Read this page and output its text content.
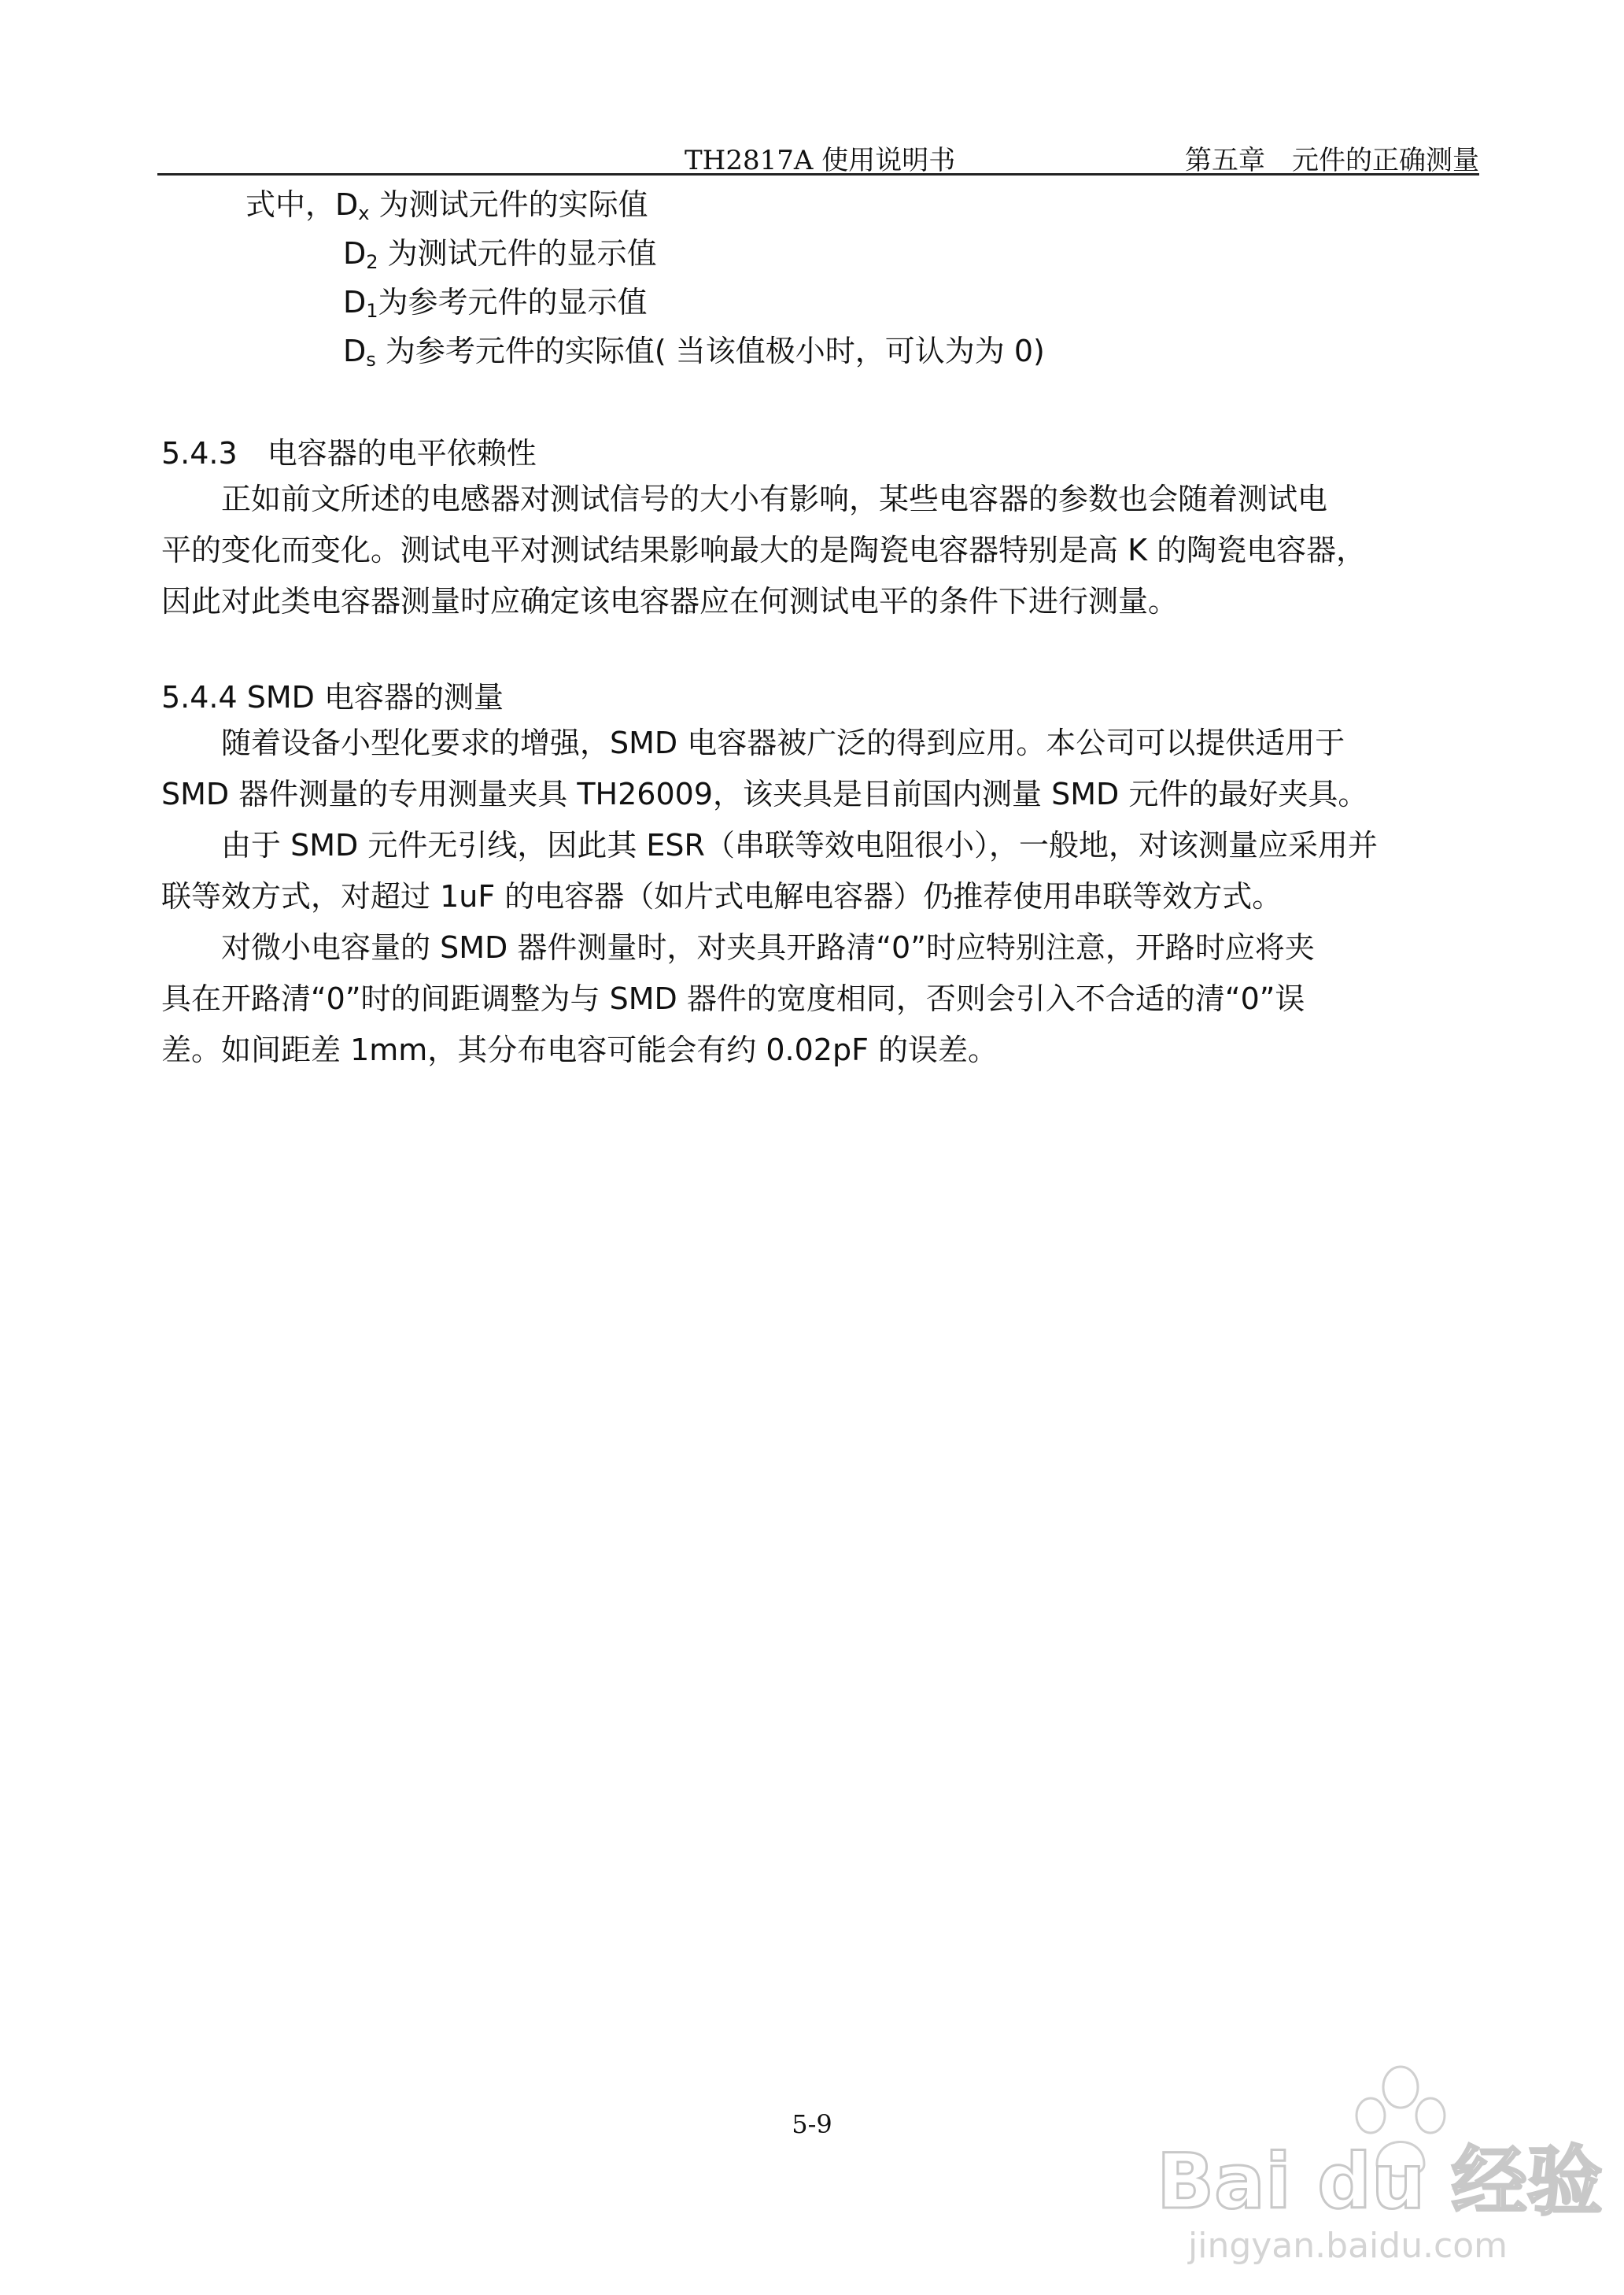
TH2817A 使用说明书	第五章　元件的正确测量
式中，$D_x$ 为测试元件的实际值
$D_2$ 为测试元件的显示值
$D_1$为参考元件的显示值
$D_s$ 为参考元件的实际值( 当该值极小时，可认为为 0)
5.4.3　电容器的电平依赖性

　　正如前文所述的电感器对测试信号的大小有影响，某些电容器的参数也会随着测试电

平的变化而变化。测试电平对测试结果影响最大的是陶瓷电容器特别是高 K 的陶瓷电容器，

因此对此类电容器测量时应确定该电容器应在何测试电平的条件下进行测量。

5.4.4 SMD 电容器的测量

　　随着设备小型化要求的增强，SMD 电容器被广泛的得到应用。本公司可以提供适用于

SMD 器件测量的专用测量夹具 TH26009，该夹具是目前国内测量 SMD 元件的最好夹具。

　　由于 SMD 元件无引线，因此其 ESR（串联等效电阻很小），一般地，对该测量应采用并

联等效方式，对超过 1uF 的电容器（如片式电解电容器）仍推荐使用串联等效方式。

　　对微小电容量的 SMD 器件测量时，对夹具开路清“0”时应特别注意，开路时应将夹

具在开路清“0”时的间距调整为与 SMD 器件的宽度相同，否则会引入不合适的清“0”误

差。如间距差 1mm，其分布电容可能会有约 0.02pF 的误差。

5-9
Bai du 经验
jingyan.baidu.com
